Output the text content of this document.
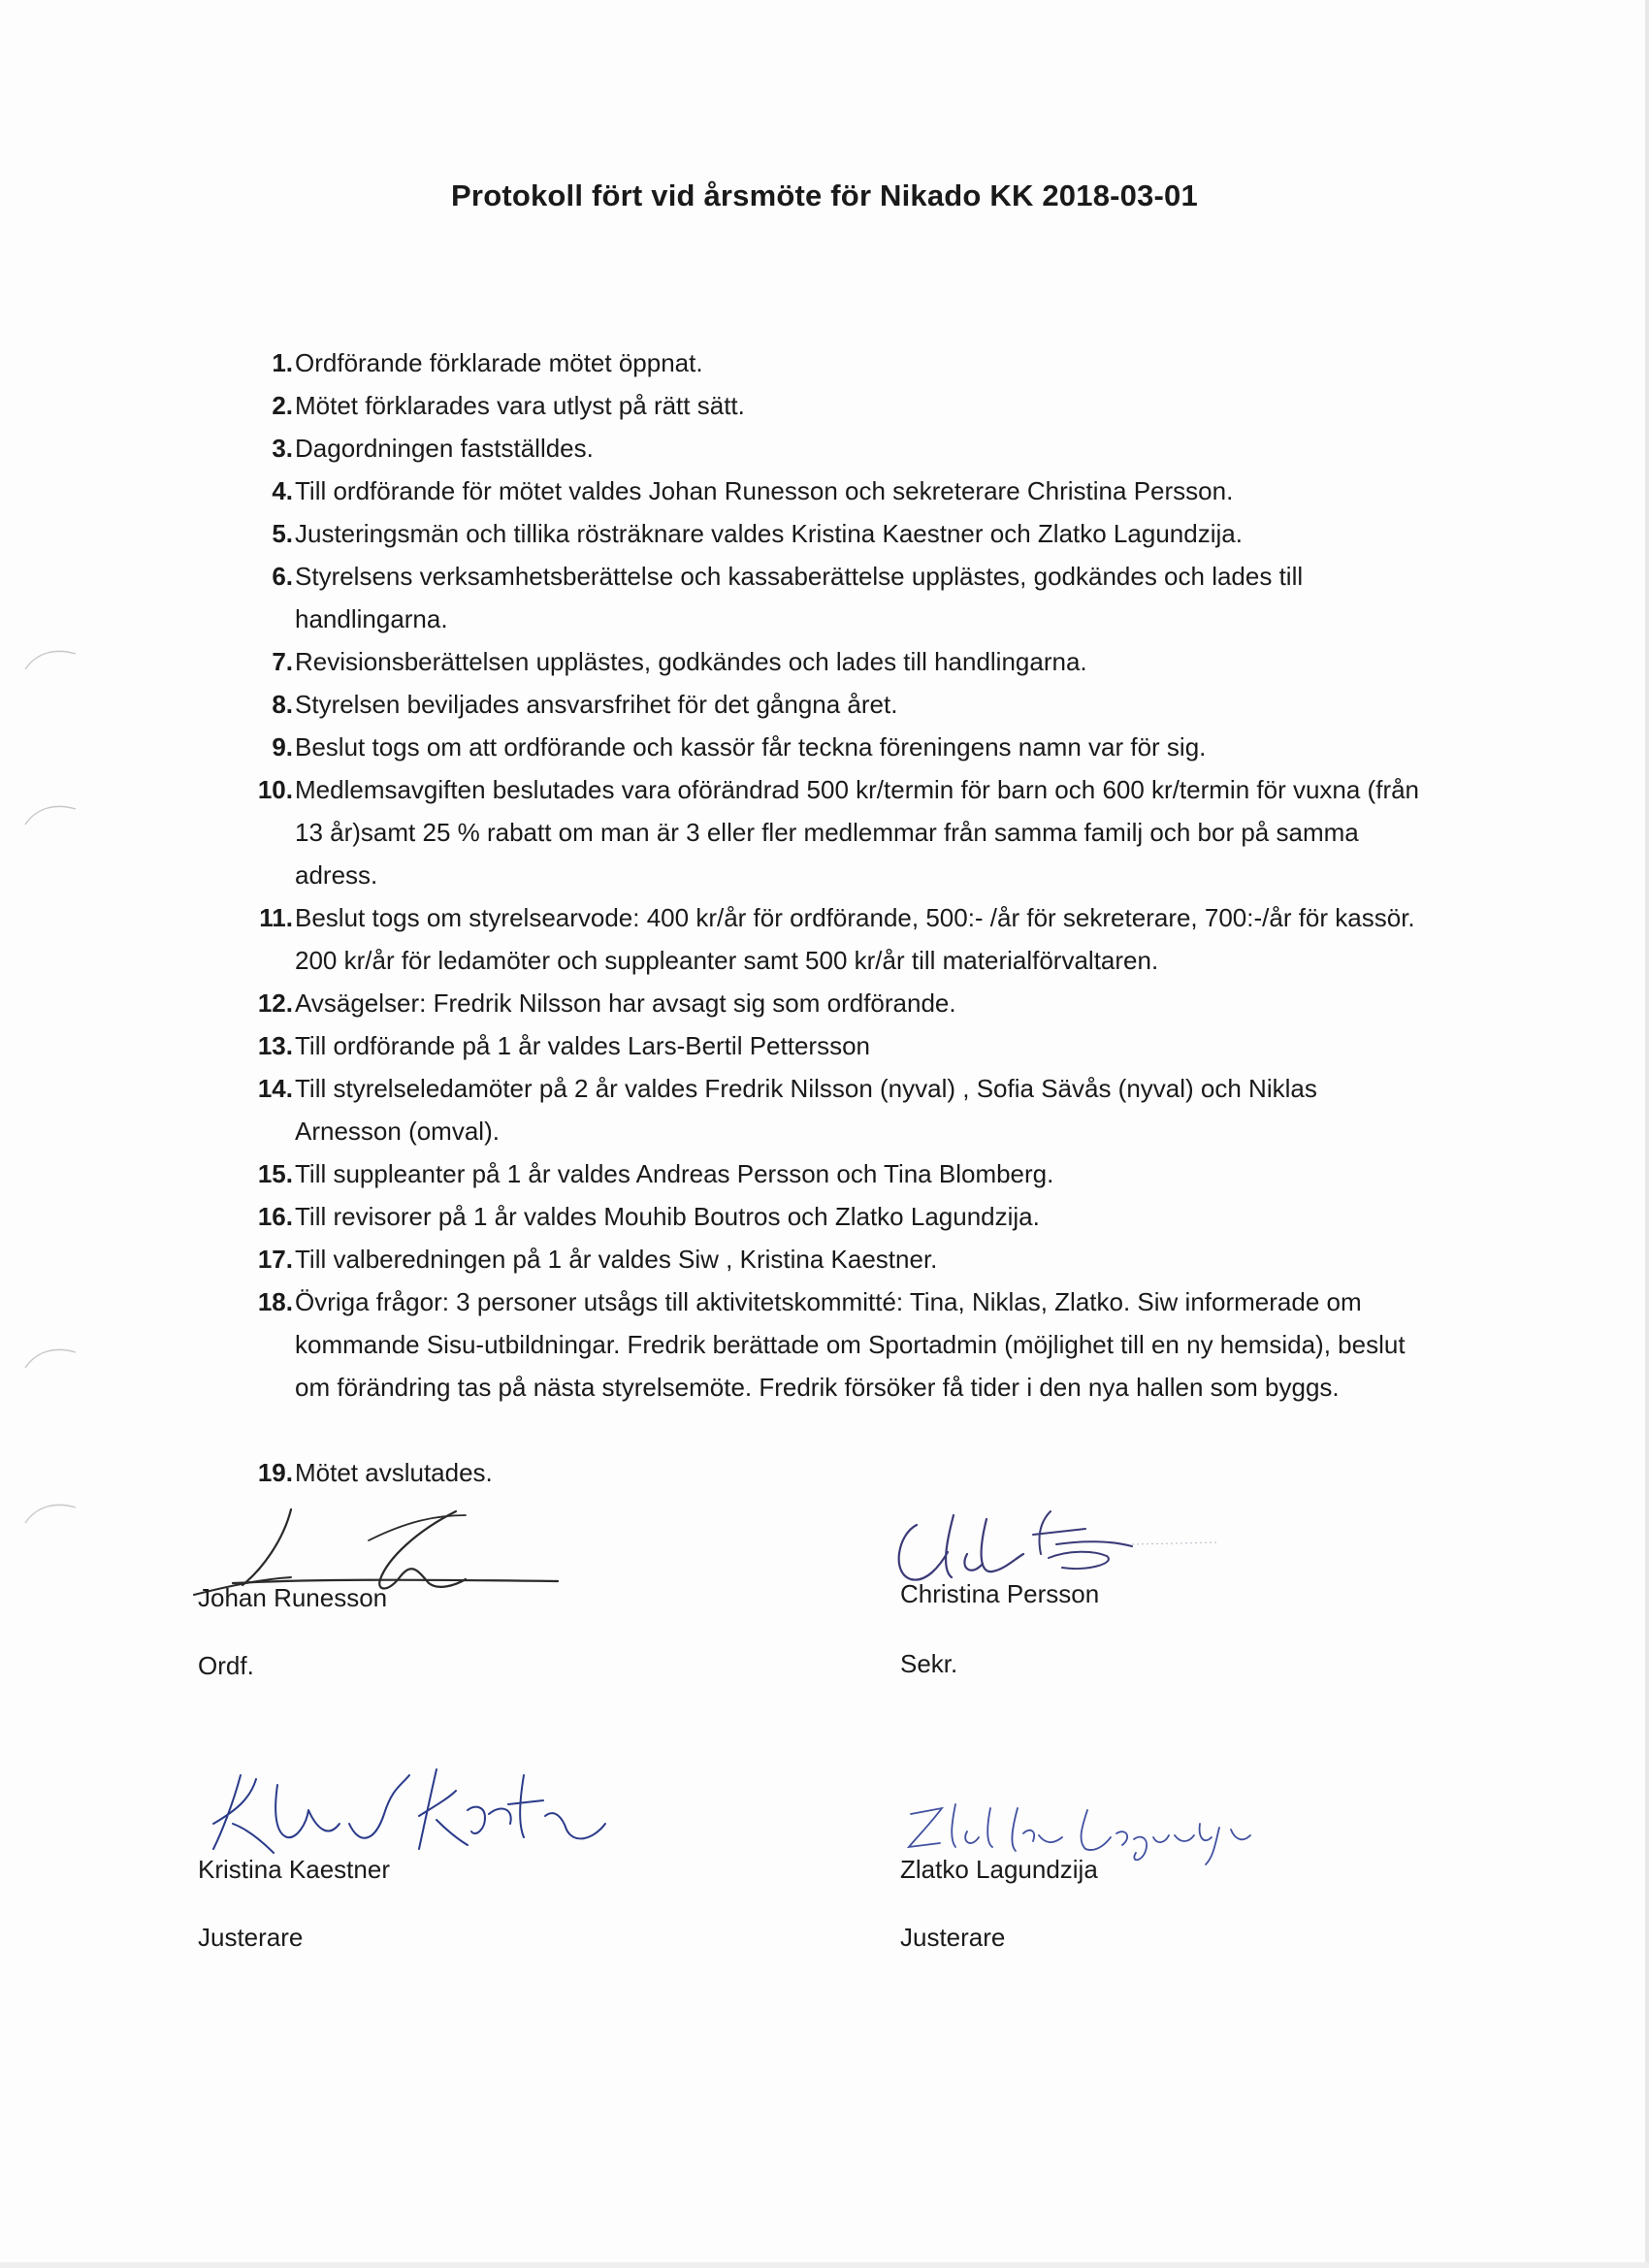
Protokoll fört vid årsmöte för Nikado KK 2018-03-01
1. Ordförande förklarade mötet öppnat.
2. Mötet förklarades vara utlyst på rätt sätt.
3. Dagordningen fastställdes.
4. Till ordförande för mötet valdes Johan Runesson och sekreterare Christina Persson.
5. Justeringsmän och tillika rösträknare valdes Kristina Kaestner och Zlatko Lagundzija.
6. Styrelsens verksamhetsberättelse och kassaberättelse upplästes, godkändes och lades till handlingarna.
7. Revisionsberättelsen upplästes, godkändes och lades till handlingarna.
8. Styrelsen beviljades ansvarsfrihet för det gångna året.
9. Beslut togs om att ordförande och kassör får teckna föreningens namn var för sig.
10. Medlemsavgiften beslutades vara oförändrad 500 kr/termin för barn och 600 kr/termin för vuxna (från 13 år)samt 25 % rabatt om man är 3 eller fler medlemmar från samma familj och bor på samma adress.
11. Beslut togs om styrelsearvode: 400 kr/år för ordförande, 500:- /år för sekreterare, 700:-/år för kassör. 200 kr/år för ledamöter och suppleanter samt 500 kr/år till materialförvaltaren.
12. Avsägelser: Fredrik Nilsson har avsagt sig som ordförande.
13. Till ordförande på 1 år valdes Lars-Bertil Pettersson
14. Till styrelseledamöter på 2 år valdes Fredrik Nilsson (nyval) , Sofia Sävås (nyval) och Niklas Arnesson (omval).
15. Till suppleanter på 1 år valdes Andreas Persson och Tina Blomberg.
16. Till revisorer på 1 år valdes Mouhib Boutros och Zlatko Lagundzija.
17. Till valberedningen på 1 år valdes Siw , Kristina Kaestner.
18. Övriga frågor: 3 personer utsågs till aktivitetskommitté: Tina, Niklas, Zlatko. Siw informerade om kommande Sisu-utbildningar. Fredrik berättade om Sportadmin (möjlighet till en ny hemsida), beslut om förändring tas på nästa styrelsemöte. Fredrik försöker få tider i den nya hallen som byggs.
19. Mötet avslutades.
Johan Runesson
Ordf.
Christina Persson
Sekr.
Kristina Kaestner
Justerare
Zlatko Lagundzija
Justerare
